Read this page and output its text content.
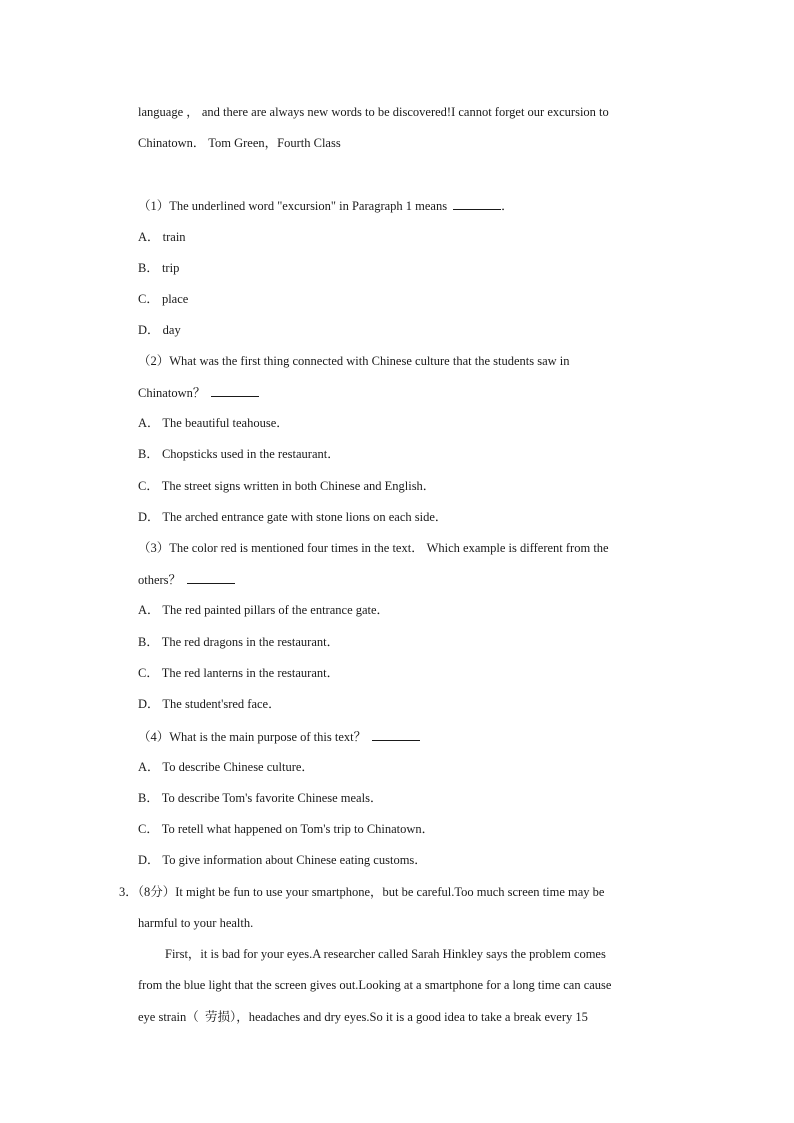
language ， and there are always new words to be discovered!I cannot forget our excursion to
Chinatown． Tom Green，Fourth Class
（1）The underlined word "excursion" in Paragraph 1 means	．
A． train
B． trip
C． place
D． day
（2）What was the first thing connected with Chinese culture that the students saw in
Chinatown？
A． The beautiful teahouse．
B． Chopsticks used in the restaurant．
C． The street signs written in both Chinese and English．
D． The arched entrance gate with stone lions on each side．
（3）The color red is mentioned four times in the text． Which example is different from the
others？
A． The red painted pillars of the entrance gate．
B． The red dragons in the restaurant．
C． The red lanterns in the restaurant．
D． The student'sred face．
（4）What is the main purpose of this text？
A． To describe Chinese culture．
B． To describe Tom's favorite Chinese meals．
C． To retell what happened on Tom's trip to Chinatown．
D． To give information about Chinese eating customs．
3．（8分）It might be fun to use your smartphone，but be careful.Too much screen time may be
harmful to your health.
First，it is bad for your eyes.A researcher called Sarah Hinkley says the problem comes
from the blue light that the screen gives out.Looking at a smartphone for a long time can cause
eye strain（  劳损），headaches and dry eyes.So it is a good idea to take a break every 15
